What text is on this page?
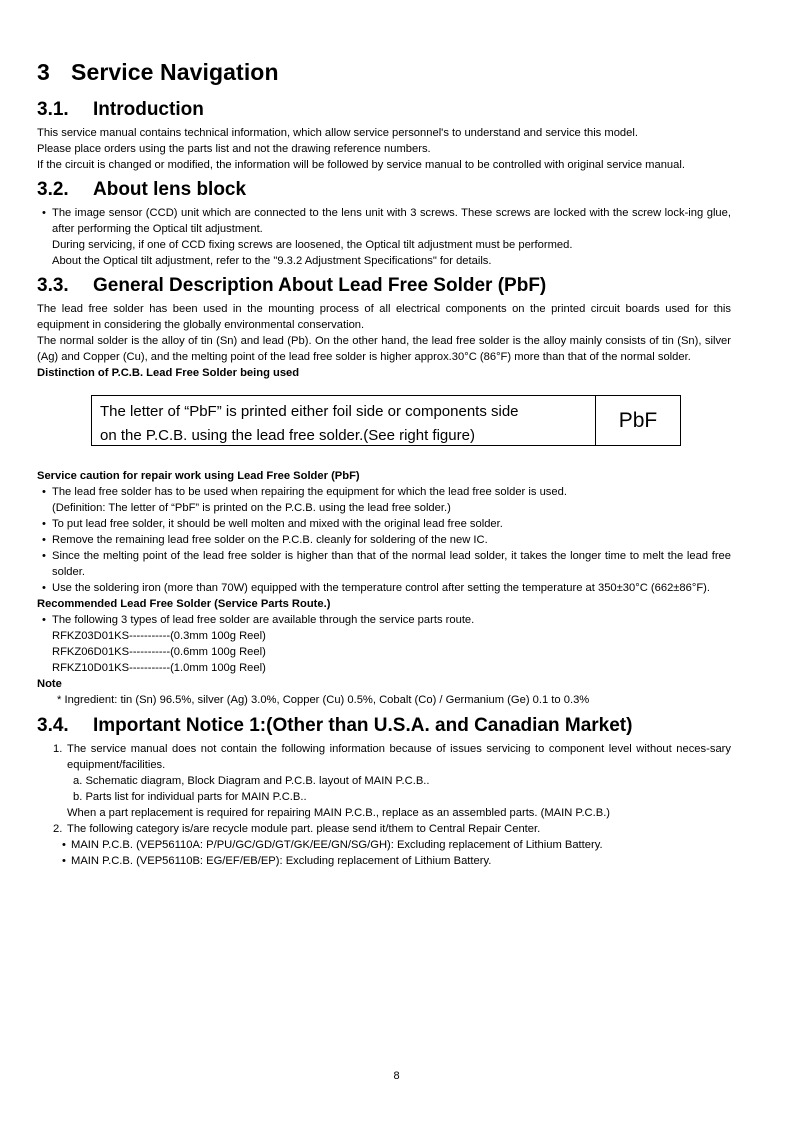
3 Service Navigation
3.1. Introduction
This service manual contains technical information, which allow service personnel's to understand and service this model.
Please place orders using the parts list and not the drawing reference numbers.
If the circuit is changed or modified, the information will be followed by service manual to be controlled with original service manual.
3.2. About lens block
• The image sensor (CCD) unit which are connected to the lens unit with 3 screws. These screws are locked with the screw lock-ing glue, after performing the Optical tilt adjustment.
During servicing, if one of CCD fixing screws are loosened, the Optical tilt adjustment must be performed.
About the Optical tilt adjustment, refer to the "9.3.2 Adjustment Specifications" for details.
3.3. General Description About Lead Free Solder (PbF)
The lead free solder has been used in the mounting process of all electrical components on the printed circuit boards used for this equipment in considering the globally environmental conservation.
The normal solder is the alloy of tin (Sn) and lead (Pb). On the other hand, the lead free solder is the alloy mainly consists of tin (Sn), silver (Ag) and Copper (Cu), and the melting point of the lead free solder is higher approx.30°C (86°F) more than that of the normal solder.
Distinction of P.C.B. Lead Free Solder being used
The letter of “PbF” is printed either foil side or components side
on the P.C.B. using the lead free solder.(See right figure)
PbF
Service caution for repair work using Lead Free Solder (PbF)
• The lead free solder has to be used when repairing the equipment for which the lead free solder is used.
(Definition: The letter of “PbF” is printed on the P.C.B. using the lead free solder.)
• To put lead free solder, it should be well molten and mixed with the original lead free solder.
• Remove the remaining lead free solder on the P.C.B. cleanly for soldering of the new IC.
• Since the melting point of the lead free solder is higher than that of the normal lead solder, it takes the longer time to melt the lead free solder.
• Use the soldering iron (more than 70W) equipped with the temperature control after setting the temperature at 350±30°C (662±86°F).
Recommended Lead Free Solder (Service Parts Route.)
• The following 3 types of lead free solder are available through the service parts route.
RFKZ03D01KS-----------(0.3mm 100g Reel)
RFKZ06D01KS-----------(0.6mm 100g Reel)
RFKZ10D01KS-----------(1.0mm 100g Reel)
Note
* Ingredient: tin (Sn) 96.5%, silver (Ag) 3.0%, Copper (Cu) 0.5%, Cobalt (Co) / Germanium (Ge) 0.1 to 0.3%
3.4. Important Notice 1:(Other than U.S.A. and Canadian Market)
1. The service manual does not contain the following information because of issues servicing to component level without neces-sary equipment/facilities.
a. Schematic diagram, Block Diagram and P.C.B. layout of MAIN P.C.B..
b. Parts list for individual parts for MAIN P.C.B..
When a part replacement is required for repairing MAIN P.C.B., replace as an assembled parts. (MAIN P.C.B.)
2. The following category is/are recycle module part. please send it/them to Central Repair Center.
• MAIN P.C.B. (VEP56110A: P/PU/GC/GD/GT/GK/EE/GN/SG/GH): Excluding replacement of Lithium Battery.
• MAIN P.C.B. (VEP56110B: EG/EF/EB/EP): Excluding replacement of Lithium Battery.
8
